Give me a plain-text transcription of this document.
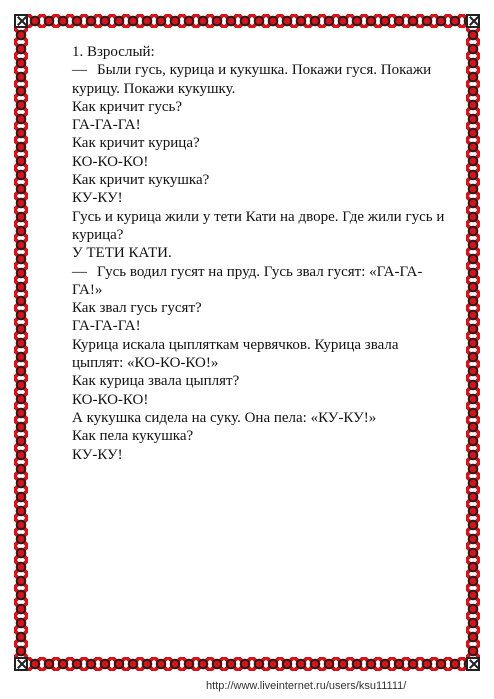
1. Взрослый:

— Были гусь, курица и кукушка. Покажи гуся. Покажи курицу. Покажи кукушку.

Как кричит гусь?

ГА-ГА-ГА!

Как кричит курица?

КО-КО-КО!

Как кричит кукушка?

КУ-КУ!

Гусь и курица жили у тети Кати на дворе. Где жили гусь и курица?

У ТЕТИ КАТИ.

— Гусь водил гусят на пруд. Гусь звал гусят: «ГА-ГА-ГА!»

Как звал гусь гусят?

ГА-ГА-ГА!

Курица искала цыпляткам червячков. Курица звала цыплят: «КО-КО-КО!»

Как курица звала цыплят?

КО-КО-КО!

А кукушка сидела на суку. Она пела: «КУ-КУ!»

Как пела кукушка?

КУ-КУ!

http://www.liveinternet.ru/users/ksu11111/
